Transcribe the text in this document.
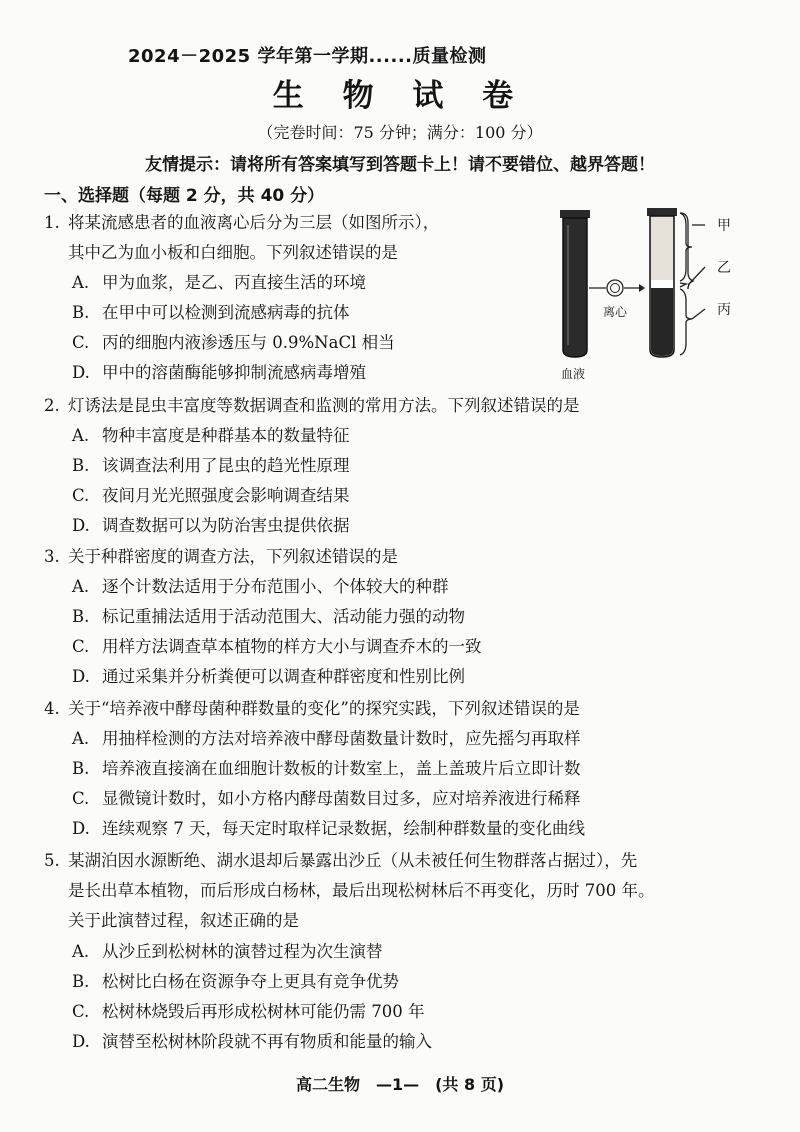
2024－2025 学年第一学期......质量检测
生 物 试 卷
（完卷时间：75 分钟；满分：100 分）
友情提示：请将所有答案填写到答题卡上！请不要错位、越界答题！
一、选择题（每题 2 分，共 40 分）
甲
乙
丙
离心
血液
1. 将某流感患者的血液离心后分为三层（如图所示），
其中乙为血小板和白细胞。下列叙述错误的是
A. 甲为血浆，是乙、丙直接生活的环境
B. 在甲中可以检测到流感病毒的抗体
C. 丙的细胞内液渗透压与 0.9%NaCl 相当
D. 甲中的溶菌酶能够抑制流感病毒增殖
2. 灯诱法是昆虫丰富度等数据调查和监测的常用方法。下列叙述错误的是
A. 物种丰富度是种群基本的数量特征
B. 该调查法利用了昆虫的趋光性原理
C. 夜间月光光照强度会影响调查结果
D. 调查数据可以为防治害虫提供依据
3. 关于种群密度的调查方法，下列叙述错误的是
A. 逐个计数法适用于分布范围小、个体较大的种群
B. 标记重捕法适用于活动范围大、活动能力强的动物
C. 用样方法调查草本植物的样方大小与调查乔木的一致
D. 通过采集并分析粪便可以调查种群密度和性别比例
4. 关于“培养液中酵母菌种群数量的变化”的探究实践，下列叙述错误的是
A. 用抽样检测的方法对培养液中酵母菌数量计数时，应先摇匀再取样
B. 培养液直接滴在血细胞计数板的计数室上，盖上盖玻片后立即计数
C. 显微镜计数时，如小方格内酵母菌数目过多，应对培养液进行稀释
D. 连续观察 7 天，每天定时取样记录数据，绘制种群数量的变化曲线
5. 某湖泊因水源断绝、湖水退却后暴露出沙丘（从未被任何生物群落占据过），先
是长出草本植物，而后形成白杨林，最后出现松树林后不再变化，历时 700 年。
关于此演替过程，叙述正确的是
A. 从沙丘到松树林的演替过程为次生演替
B. 松树比白杨在资源争夺上更具有竞争优势
C. 松树林烧毁后再形成松树林可能仍需 700 年
D. 演替至松树林阶段就不再有物质和能量的输入
高二生物　—1—　(共 8 页)
